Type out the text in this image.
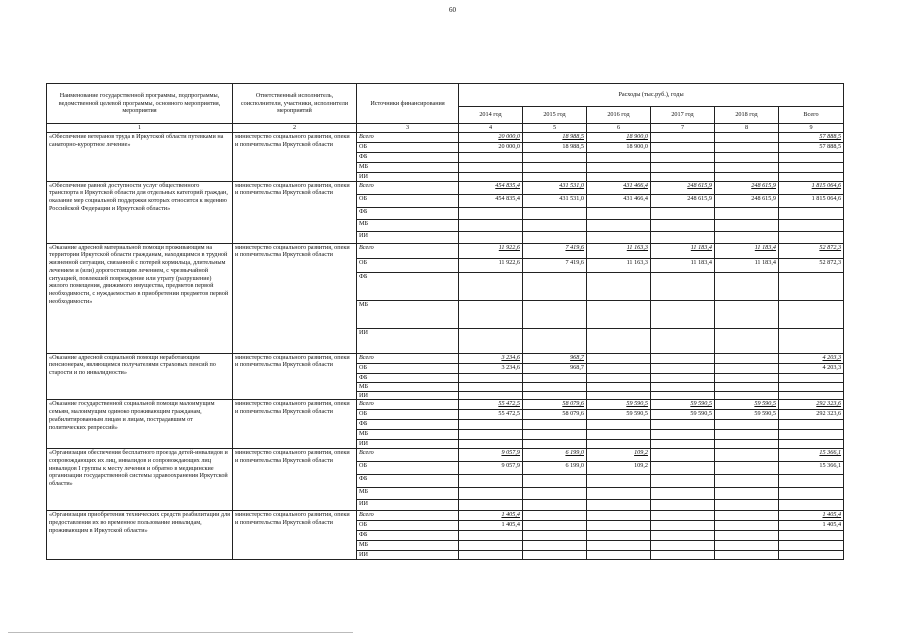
60
Наименование государственной программы, подпрограммы, ведомственной целевой программы, основного мероприятия, мероприятия	Ответственный исполнитель, соисполнители, участники, исполнители мероприятий	Источники финансирования	Расходы (тыс.руб.), годы					
			2014 год	2015 год	2016 год	2017 год	2018 год	Всего
1	2	3	4	5	6	7	8	9
«Обеспечение ветеранов труда в Иркутской области путевками на санаторно-курортное лечение»	министерство социального развития, опеки и попечительства Иркутской области	Всего	20 000,0	18 988,5	18 900,0			57 888,5
		ОБ	20 000,0	18 988,5	18 900,0			57 888,5
		ФБ						
		МБ						
		ИИ						
«Обеспечение равной доступности услуг общественного транспорта в Иркутской области для отдельных категорий граждан, оказание мер социальной поддержки которых относится к ведению Российской Федерации и Иркутской области»	министерство социального развития, опеки и попечительства Иркутской области	Всего	454 835,4	431 531,0	431 466,4	248 615,9	248 615,9	1 815 064,6
		ОБ	454 835,4	431 531,0	431 466,4	248 615,9	248 615,9	1 815 064,6
		ФБ						
		МБ						
		ИИ						
«Оказание адресной материальной помощи проживающим на территории Иркутской области гражданам, находящимся в трудной жизненной ситуации, связанной с потерей кормильца, длительным лечением и (или) дорогостоящим лечением, с чрезвычайной ситуацией, повлекшей повреждение или утрату (разрушение) жилого помещения, движимого имущества, предметов первой необходимости, с нуждаемостью в приобретении предметов первой необходимости»	министерство социального развития, опеки и попечительства Иркутской области	Всего	11 922,6	7 419,6	11 163,3	11 183,4	11 183,4	52 872,3
		ОБ	11 922,6	7 419,6	11 163,3	11 183,4	11 183,4	52 872,3
		ФБ						
		МБ						
		ИИ						
«Оказание адресной социальной помощи неработающим пенсионерам, являющимся получателями страховых пенсий по старости и по инвалидности»	министерство социального развития, опеки и попечительства Иркутской области	Всего	3 234,6	968,7				4 203,3
		ОБ	3 234,6	968,7				4 203,3
		ФБ						
		МБ						
		ИИ						
«Оказание государственной социальной помощи малоимущим семьям, малоимущим одиноко проживающим гражданам, реабилитированным лицам и лицам, пострадавшим от политических репрессий»	министерство социального развития, опеки и попечительства Иркутской области	Всего	55 472,5	58 079,6	59 590,5	59 590,5	59 590,5	292 323,6
		ОБ	55 472,5	58 079,6	59 590,5	59 590,5	59 590,5	292 323,6
		ФБ						
		МБ						
		ИИ						
«Организация обеспечения бесплатного проезда детей-инвалидов и сопровождающих их лиц, инвалидов и сопровождающих лиц инвалидов I группы к месту лечения и обратно в медицинские организации государственной системы здравоохранения Иркутской области»	министерство социального развития, опеки и попечительства Иркутской области	Всего	9 057,9	6 199,0	109,2			15 366,1
		ОБ	9 057,9	6 199,0	109,2			15 366,1
		ФБ						
		МБ						
		ИИ						
«Организация приобретения технических средств реабилитации для предоставления их во временное пользование инвалидам, проживающим в Иркутской области»	министерство социального развития, опеки и попечительства Иркутской области	Всего	1 405,4					1 405,4
		ОБ	1 405,4					1 405,4
		ФБ						
		МБ						
		ИИ						
